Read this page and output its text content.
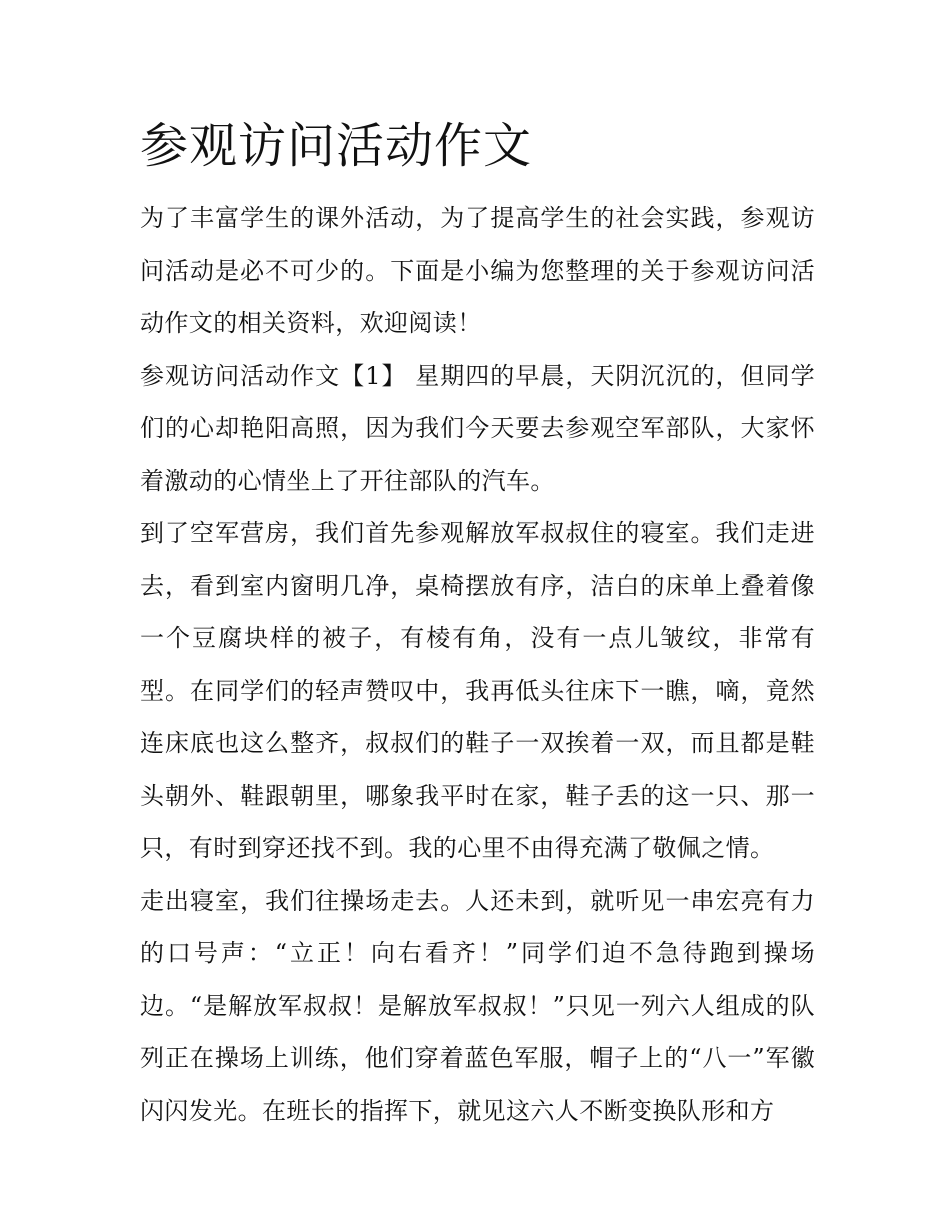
参观访问活动作文

为了丰富学生的课外活动，为了提高学生的社会实践，参观访问活动是必不可少的。下面是小编为您整理的关于参观访问活动作文的相关资料，欢迎阅读！

参观访问活动作文【1】 星期四的早晨，天阴沉沉的，但同学们的心却艳阳高照，因为我们今天要去参观空军部队，大家怀着激动的心情坐上了开往部队的汽车。

到了空军营房，我们首先参观解放军叔叔住的寝室。我们走进去，看到室内窗明几净，桌椅摆放有序，洁白的床单上叠着像一个豆腐块样的被子，有棱有角，没有一点儿皱纹，非常有型。在同学们的轻声赞叹中，我再低头往床下一瞧，嘀，竟然连床底也这么整齐，叔叔们的鞋子一双挨着一双，而且都是鞋头朝外、鞋跟朝里，哪象我平时在家，鞋子丢的这一只、那一只，有时到穿还找不到。我的心里不由得充满了敬佩之情。

走出寝室，我们往操场走去。人还未到，就听见一串宏亮有力的口号声：“立正！向右看齐！”同学们迫不急待跑到操场边。“是解放军叔叔！是解放军叔叔！”只见一列六人组成的队列正在操场上训练，他们穿着蓝色军服，帽子上的“八一”军徽闪闪发光。在班长的指挥下，就见这六人不断变换队形和方
